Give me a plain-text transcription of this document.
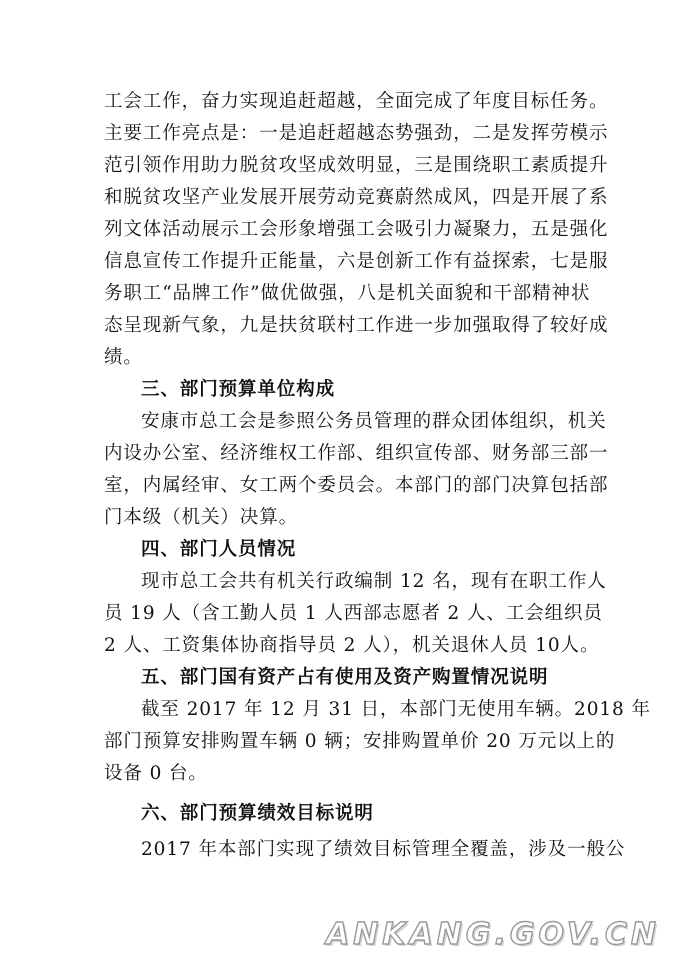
工会工作，奋力实现追赶超越，全面完成了年度目标任务。
主要工作亮点是：一是追赶超越态势强劲，二是发挥劳模示
范引领作用助力脱贫攻坚成效明显，三是围绕职工素质提升
和脱贫攻坚产业发展开展劳动竞赛蔚然成风，四是开展了系
列文体活动展示工会形象增强工会吸引力凝聚力，五是强化
信息宣传工作提升正能量，六是创新工作有益探索，七是服
务职工“品牌工作”做优做强，八是机关面貌和干部精神状
态呈现新气象，九是扶贫联村工作进一步加强取得了较好成
绩。
三、部门预算单位构成
安康市总工会是参照公务员管理的群众团体组织，机关
内设办公室、经济维权工作部、组织宣传部、财务部三部一
室，内属经审、女工两个委员会。本部门的部门决算包括部
门本级（机关）决算。
四、部门人员情况
现市总工会共有机关行政编制 12 名，现有在职工作人
员 19 人（含工勤人员 1 人西部志愿者 2 人、工会组织员
2 人、工资集体协商指导员 2 人），机关退休人员 10人。
五、部门国有资产占有使用及资产购置情况说明
截至 2017 年 12 月 31 日，本部门无使用车辆。2018 年
部门预算安排购置车辆 0 辆；安排购置单价 20 万元以上的
设备 0 台。
六、部门预算绩效目标说明
2017 年本部门实现了绩效目标管理全覆盖，涉及一般公
ANKANG.GOV.CN
